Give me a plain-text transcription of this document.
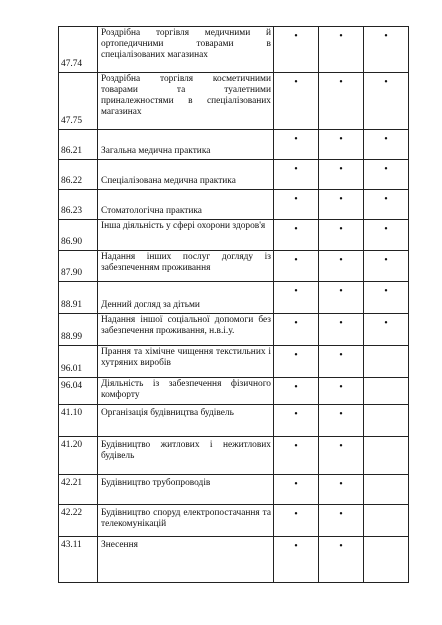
47.74	Роздрібна торгівля медичними й ортопедичними товарами в спеціалізованих магазинах	•	•	•
47.75	Роздрібна торгівля косметичними товарами та туалетними приналежностями в спеціалізованих магазинах	•	•	•
86.21	Загальна медична практика	•	•	•
86.22	Спеціалізована медична практика	•	•	•
86.23	Стоматологічна практика	•	•	•
86.90	Інша діяльність у сфері охорони здоров'я	•	•	•
87.90	Надання інших послуг догляду із забезпеченням проживання	•	•	•
88.91	Денний догляд за дітьми	•	•	•
88.99	Надання іншої соціальної допомоги без забезпечення проживання, н.в.і.у.	•	•	•
96.01	Прання та хімічне чищення текстильних і хутряних виробів	•	•	
96.04	Діяльність із забезпечення фізичного комфорту	•	•	
41.10	Організація будівництва будівель	•	•	
41.20	Будівництво житлових і нежитлових будівель	•	•	
42.21	Будівництво трубопроводів	•	•	
42.22	Будівництво споруд електропостачання та телекомунікацій	•	•	
43.11	Знесення	•	•	
